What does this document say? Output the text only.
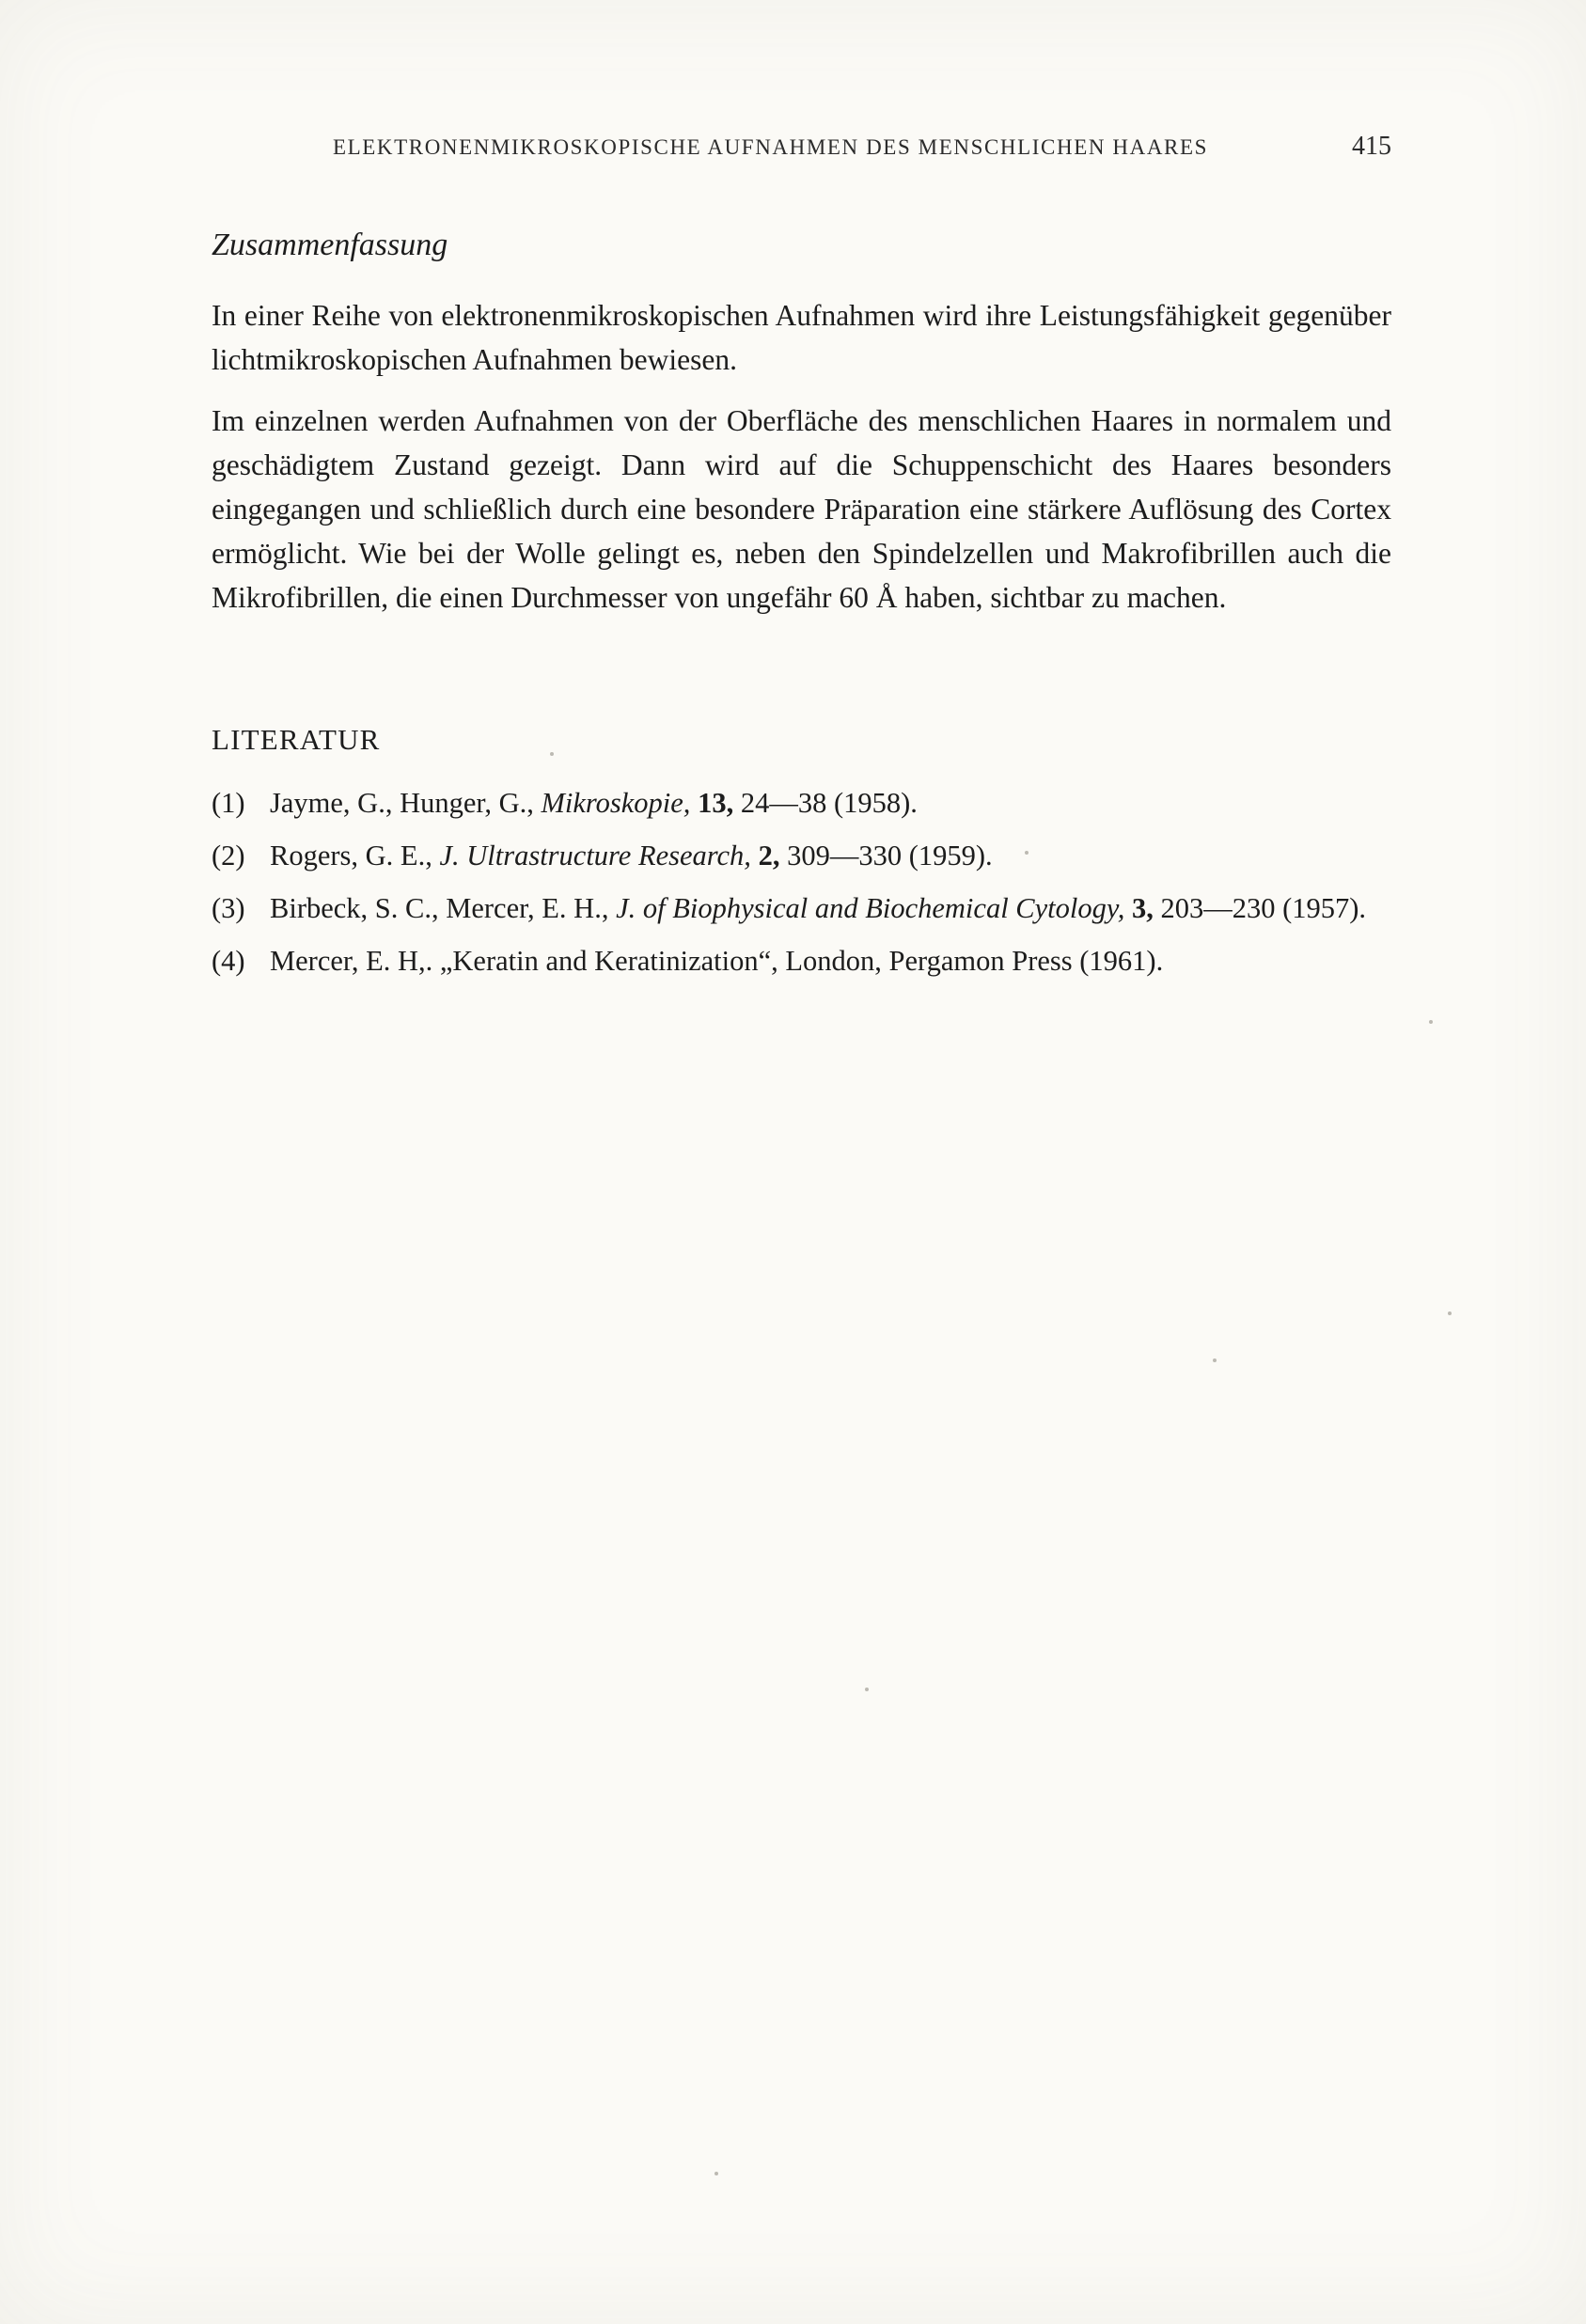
ELEKTRONENMIKROSKOPISCHE AUFNAHMEN DES MENSCHLICHEN HAARES	415
Zusammenfassung

In einer Reihe von elektronenmikroskopischen Aufnahmen wird ihre Leistungsfähigkeit gegenüber lichtmikroskopischen Aufnahmen bewiesen.

Im einzelnen werden Aufnahmen von der Oberfläche des menschlichen Haares in normalem und geschädigtem Zustand gezeigt. Dann wird auf die Schuppenschicht des Haares besonders eingegangen und schließlich durch eine besondere Präparation eine stärkere Auflösung des Cortex ermöglicht. Wie bei der Wolle gelingt es, neben den Spindelzellen und Makrofibrillen auch die Mikrofibrillen, die einen Durchmesser von ungefähr 60 Å haben, sichtbar zu machen.

LITERATUR
(1) Jayme, G., Hunger, G., Mikroskopie, 13, 24—38 (1958).
(2) Rogers, G. E., J. Ultrastructure Research, 2, 309—330 (1959).
(3) Birbeck, S. C., Mercer, E. H., J. of Biophysical and Biochemical Cytology, 3, 203—230 (1957).
(4) Mercer, E. H,. „Keratin and Keratinization“, London, Pergamon Press (1961).
